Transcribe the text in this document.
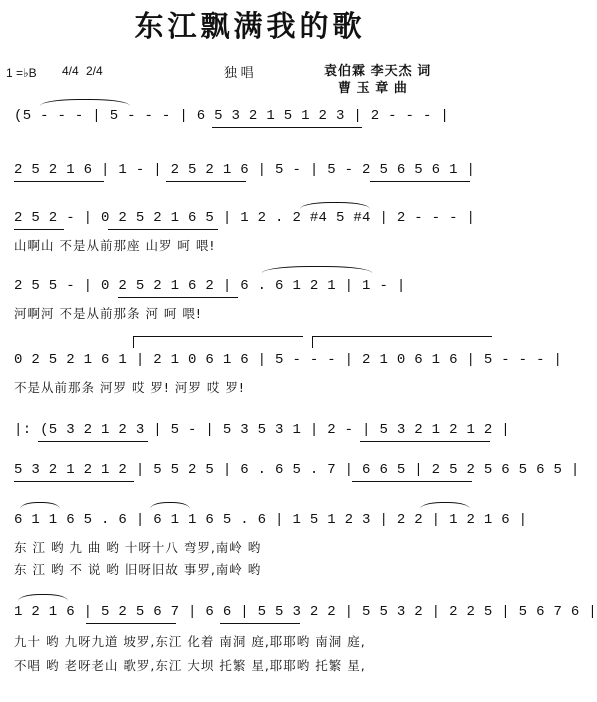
东江飘满我的歌
1 =♭B 4/4 2/4	独 唱	袁伯霖 李天杰 词
曹 玉 章 曲
(5 - - - | 5 - - - | 6 5 3 2 1 5 1 2 3 | 2 - - - |
2 5 2 1 6 | 1 - | 2 5 2 1 6 | 5 - | 5 - 2 5 6 5 6 1 |
2 5 2 - | 0 2 5 2 1 6 5 | 1 2 . 2 #4 5 #4 | 2 - - - |
山啊山 不是从前那座 山罗 呵 喂!
2 5 5 - | 0 2 5 2 1 6 2 | 6 . 6 1 2 1 | 1 - |
河啊河 不是从前那条 河 呵 喂!
0 2 5 2 1 6 1 | 2 1 0 6 1 6 | 5 - - - | 2 1 0 6 1 6 | 5 - - - |
不是从前那条 河罗 哎 罗! 河罗 哎 罗!
|: (5 3 2 1 2 3 | 5 - | 5 3 5 3 1 | 2 - | 5 3 2 1 2 1 2 |
5 3 2 1 2 1 2 | 5 5 2 5 | 6 . 6 5 . 7 | 6 6 5 | 2 5 2 5 6 5 6 5 |
6 1 1 6 5 . 6 | 6 1 1 6 5 . 6 | 1 5 1 2 3 | 2 2 | 1 2 1 6 |
东 江 哟 九 曲 哟 十呀十八 弯罗,南岭 哟
东 江 哟 不 说 哟 旧呀旧故 事罗,南岭 哟
1 2 1 6 | 5 2 5 6 7 | 6 6 | 5 5 3 2 2 | 5 5 3 2 | 2 2 5 | 5 6 7 6 |
九十 哟 九呀九道 坡罗,东江 化着 南洞 庭,耶耶哟 南洞 庭,
不唱 哟 老呀老山 歌罗,东江 大坝 托繁 星,耶耶哟 托繁 星,
